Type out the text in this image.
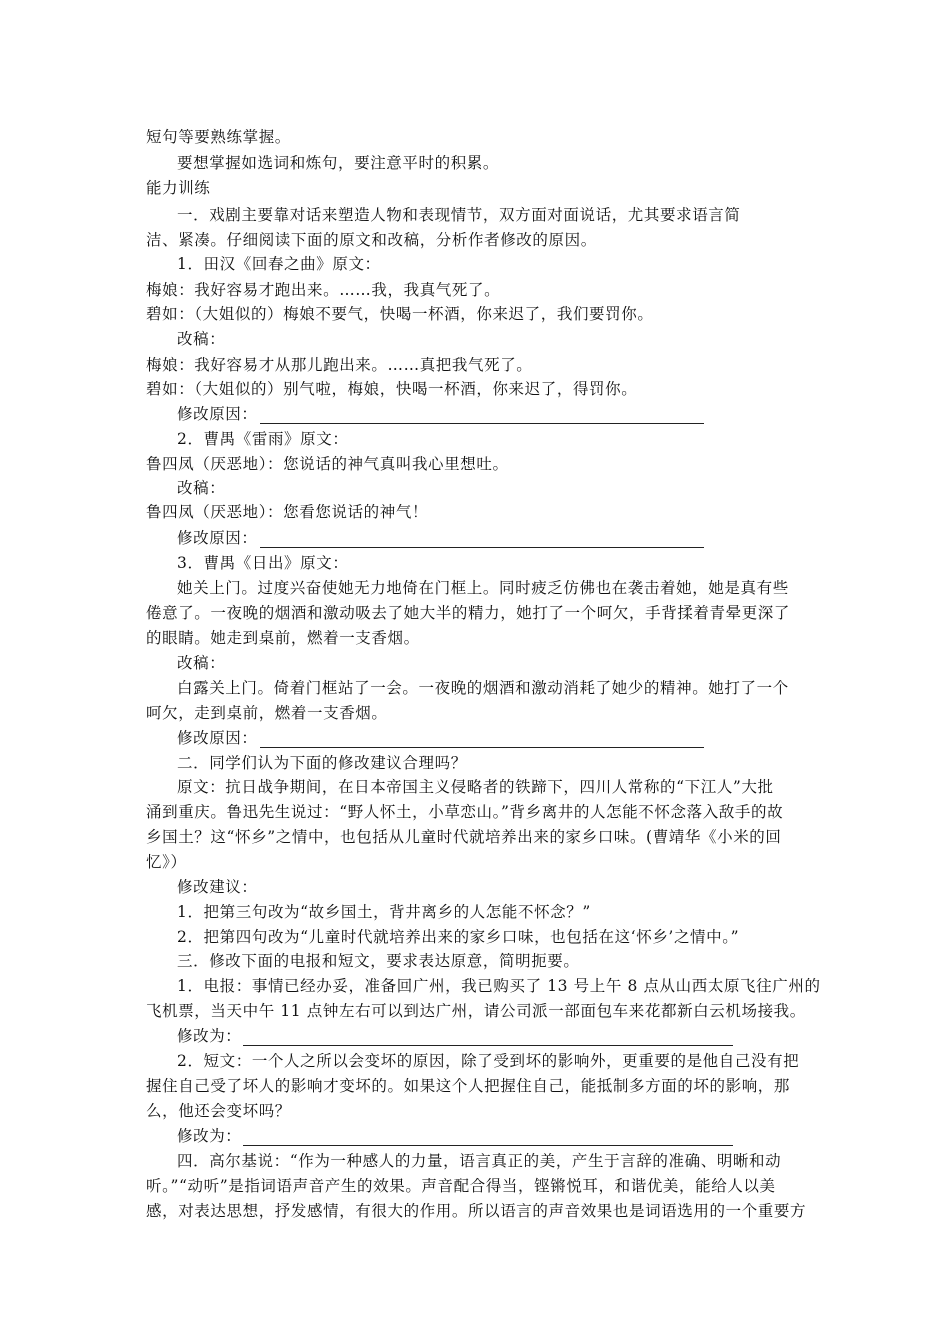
短句等要熟练掌握。
要想掌握如选词和炼句，要注意平时的积累。
能力训练
一．戏剧主要靠对话来塑造人物和表现情节，双方面对面说话，尤其要求语言简
洁、紧凑。仔细阅读下面的原文和改稿，分析作者修改的原因。
1．田汉《回春之曲》原文：
梅娘：我好容易才跑出来。……我，我真气死了。
碧如：（大姐似的）梅娘不要气，快喝一杯酒，你来迟了，我们要罚你。
改稿：
梅娘：我好容易才从那儿跑出来。……真把我气死了。
碧如：（大姐似的）别气啦，梅娘，快喝一杯酒，你来迟了，得罚你。
修改原因：
2．曹禺《雷雨》原文：
鲁四凤（厌恶地）：您说话的神气真叫我心里想吐。
改稿：
鲁四凤（厌恶地）：您看您说话的神气！
修改原因：
3．曹禺《日出》原文：
她关上门。过度兴奋使她无力地倚在门框上。同时疲乏仿佛也在袭击着她，她是真有些
倦意了。一夜晚的烟酒和激动吸去了她大半的精力，她打了一个呵欠，手背揉着青晕更深了
的眼睛。她走到桌前，燃着一支香烟。
改稿：
白露关上门。倚着门框站了一会。一夜晚的烟酒和激动消耗了她少的精神。她打了一个
呵欠，走到桌前，燃着一支香烟。
修改原因：
二．同学们认为下面的修改建议合理吗？
原文：抗日战争期间，在日本帝国主义侵略者的铁蹄下，四川人常称的“下江人”大批
涌到重庆。鲁迅先生说过：“野人怀土，小草恋山。”背乡离井的人怎能不怀念落入敌手的故
乡国土？这“怀乡”之情中，也包括从儿童时代就培养出来的家乡口味。(曹靖华《小米的回
忆》）
修改建议：
1．把第三句改为“故乡国土，背井离乡的人怎能不怀念？”
2．把第四句改为“儿童时代就培养出来的家乡口味，也包括在这‘怀乡’之情中。”
三．修改下面的电报和短文，要求表达原意，简明扼要。
1．电报：事情已经办妥，准备回广州，我已购买了 13 号上午 8 点从山西太原飞往广州的
飞机票，当天中午 11 点钟左右可以到达广州，请公司派一部面包车来花都新白云机场接我。
修改为：
2．短文：一个人之所以会变坏的原因，除了受到坏的影响外，更重要的是他自己没有把
握住自己受了坏人的影响才变坏的。如果这个人把握住自己，能抵制多方面的坏的影响，那
么，他还会变坏吗？
修改为：
四．高尔基说：“作为一种感人的力量，语言真正的美，产生于言辞的准确、明晰和动
听。”“动听”是指词语声音产生的效果。声音配合得当，铿锵悦耳，和谐优美，能给人以美
感，对表达思想，抒发感情，有很大的作用。所以语言的声音效果也是词语选用的一个重要方
